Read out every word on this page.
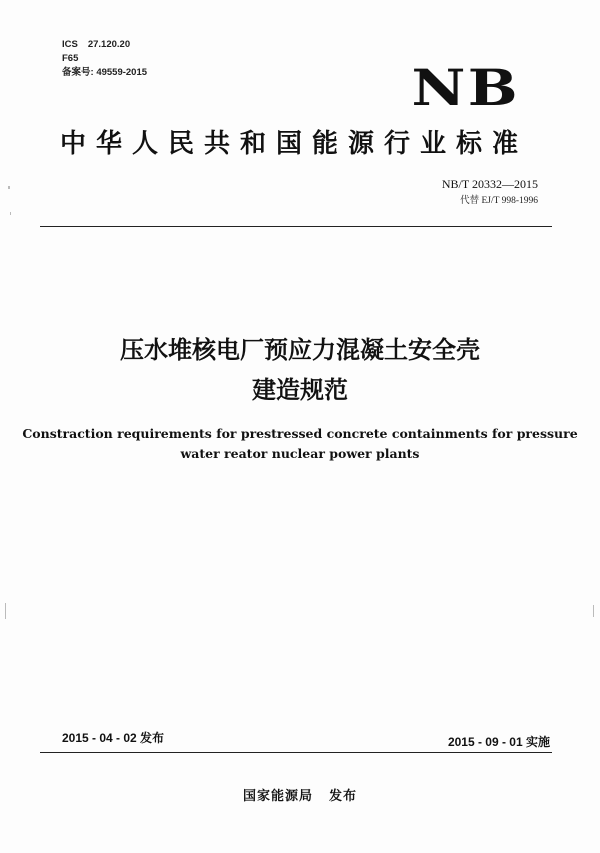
ICS 27.120.20
F65
备案号: 49559-2015	NB
中华人民共和国能源行业标准
NB/T 20332—2015
代替 EJ/T 998-1996
压水堆核电厂预应力混凝土安全壳
建造规范
Constraction requirements for prestressed concrete containments for pressure
water reator nuclear power plants
2015 - 04 - 02 发布	2015 - 09 - 01 实施
国家能源局 发布
